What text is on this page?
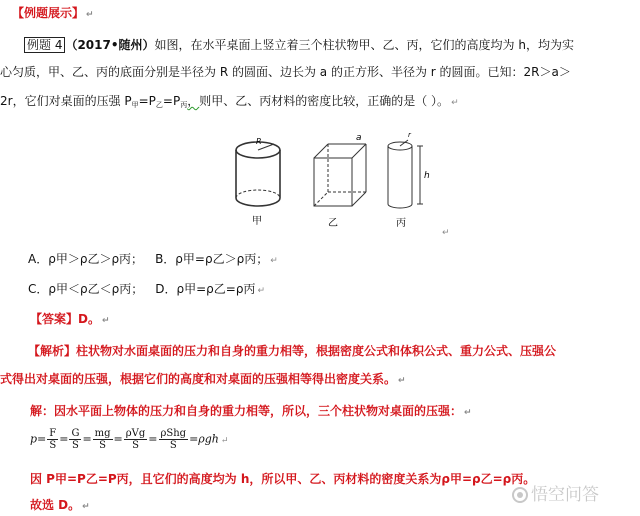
【例题展示】 ↵
例题 4 （2017•随州）如图，在水平桌面上竖立着三个柱状物甲、乙、丙，它们的高度均为 h，均为实
心匀质，甲、乙、丙的底面分别是半径为 R 的圆面、边长为 a 的正方形、半径为 r 的圆面。已知：2R＞a＞
2r，它们对桌面的压强 P甲=P乙=P丙，则甲、乙、丙材料的密度比较，正确的是（ ）。 ↵
R	a	r
h
甲	乙	丙
↵
A．ρ甲＞ρ乙＞ρ丙； B．ρ甲=ρ乙＞ρ丙； ↵
C．ρ甲＜ρ乙＜ρ丙； D．ρ甲=ρ乙=ρ丙 ↵
【答案】D。 ↵
【解析】柱状物对水面桌面的压力和自身的重力相等，根据密度公式和体积公式、重力公式、压强公
式得出对桌面的压强，根据它们的高度和对桌面的压强相等得出密度关系。 ↵
解：因水平面上物体的压力和自身的重力相等，所以，三个柱状物对桌面的压强： ↵
$p= \frac{F}{S} = \frac{G}{S} = \frac{mg}{S} = \frac{\text{ρVg}}{S} = \frac{\text{ρShg}}{S} =\rho gh$ ↵
因 P甲=P乙=P丙，且它们的高度均为 h，所以甲、乙、丙材料的密度关系为ρ甲=ρ乙=ρ丙。
故选 D。 ↵
悟空问答
